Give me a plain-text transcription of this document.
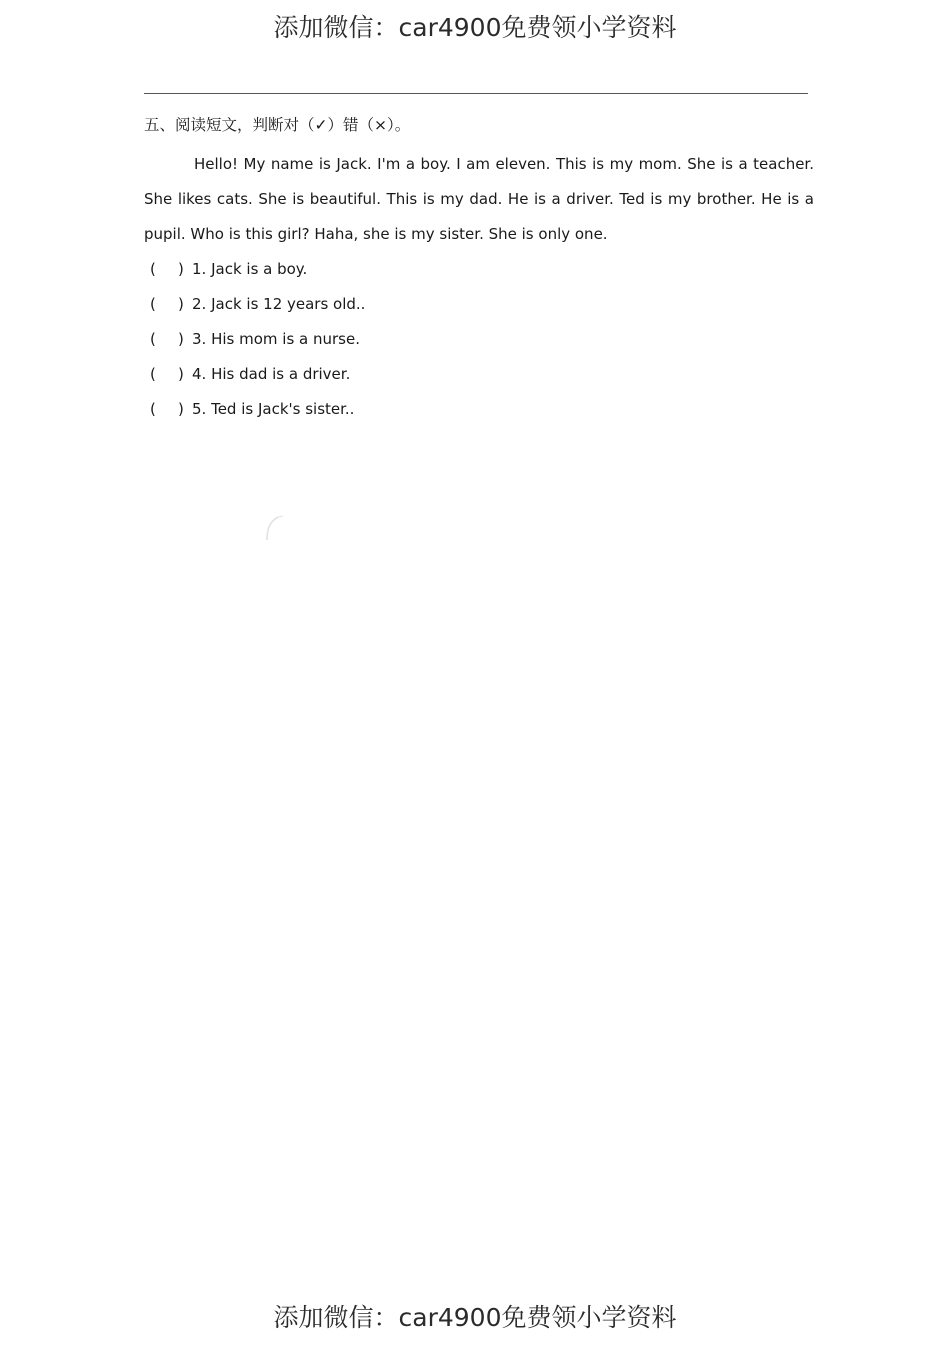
添加微信：car4900免费领小学资料
五、阅读短文，判断对（✓）错（×）。

Hello! My name is Jack. I'm a boy. I am eleven. This is my mom. She is a teacher. She likes cats. She is beautiful. This is my dad. He is a driver. Ted is my brother. He is a pupil. Who is this girl? Haha, she is my sister. She is only one.

(	) 1. Jack is a boy.
(	) 2. Jack is 12 years old..
(	) 3. His mom is a nurse.
(	) 4. His dad is a driver.
(	) 5. Ted is Jack's sister..
添加微信：car4900免费领小学资料
